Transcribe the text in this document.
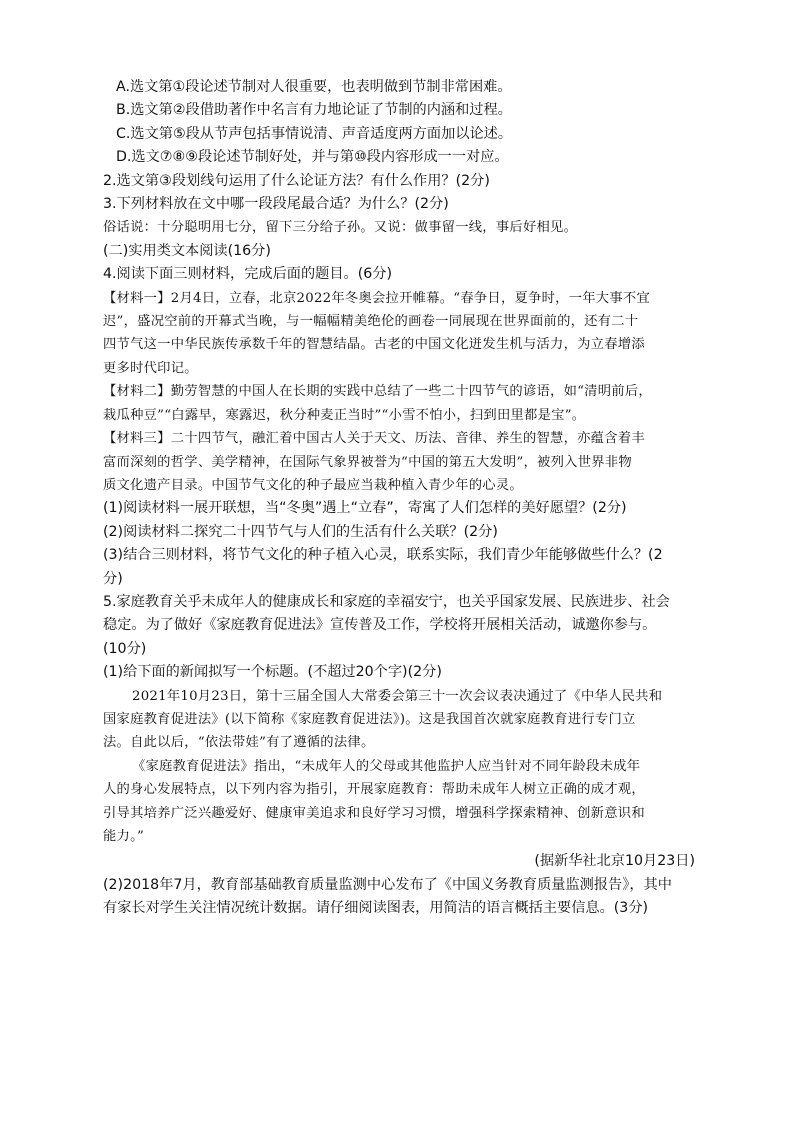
A.选文第①段论述节制对人很重要，也表明做到节制非常困难。

B.选文第②段借助著作中名言有力地论证了节制的内涵和过程。

C.选文第⑤段从节声包括事情说清、声音适度两方面加以论述。

D.选文⑦⑧⑨段论述节制好处，并与第⑩段内容形成一一对应。

2.选文第③段划线句运用了什么论证方法？有什么作用？(2分)

3.下列材料放在文中哪一段段尾最合适？为什么？(2分)

俗话说：十分聪明用七分，留下三分给子孙。又说：做事留一线，事后好相见。

(二)实用类文本阅读(16分)

4.阅读下面三则材料，完成后面的题目。(6分)

【材料一】2月4日，立春，北京2022年冬奥会拉开帷幕。“春争日，夏争时，一年大事不宜

迟”，盛况空前的开幕式当晚，与一幅幅精美绝伦的画卷一同展现在世界面前的，还有二十

四节气这一中华民族传承数千年的智慧结晶。古老的中国文化迸发生机与活力，为立春增添

更多时代印记。

【材料二】勤劳智慧的中国人在长期的实践中总结了一些二十四节气的谚语，如“清明前后，

栽瓜种豆”“白露早，寒露迟，秋分种麦正当时”“小雪不怕小，扫到田里都是宝”。

【材料三】二十四节气，融汇着中国古人关于天文、历法、音律、养生的智慧，亦蕴含着丰

富而深刻的哲学、美学精神，在国际气象界被誉为“中国的第五大发明”，被列入世界非物

质文化遗产目录。中国节气文化的种子最应当栽种植入青少年的心灵。

(1)阅读材料一展开联想，当“冬奥”遇上“立春”，寄寓了人们怎样的美好愿望？(2分)

(2)阅读材料二探究二十四节气与人们的生活有什么关联？(2分)

(3)结合三则材料，将节气文化的种子植入心灵，联系实际，我们青少年能够做些什么？(2

分)

5.家庭教育关乎未成年人的健康成长和家庭的幸福安宁，也关乎国家发展、民族进步、社会

稳定。为了做好《家庭教育促进法》宣传普及工作，学校将开展相关活动，诚邀你参与。

(10分)

(1)给下面的新闻拟写一个标题。(不超过20个字)(2分)

2021年10月23日，第十三届全国人大常委会第三十一次会议表决通过了《中华人民共和

国家庭教育促进法》(以下简称《家庭教育促进法》)。这是我国首次就家庭教育进行专门立

法。自此以后，“依法带娃”有了遵循的法律。

《家庭教育促进法》指出，“未成年人的父母或其他监护人应当针对不同年龄段未成年

人的身心发展特点，以下列内容为指引，开展家庭教育：帮助未成年人树立正确的成才观，

引导其培养广泛兴趣爱好、健康审美追求和良好学习习惯，增强科学探索精神、创新意识和

能力。”

(据新华社北京10月23日)

(2)2018年7月，教育部基础教育质量监测中心发布了《中国义务教育质量监测报告》，其中

有家长对学生关注情况统计数据。请仔细阅读图表，用简洁的语言概括主要信息。(3分)
